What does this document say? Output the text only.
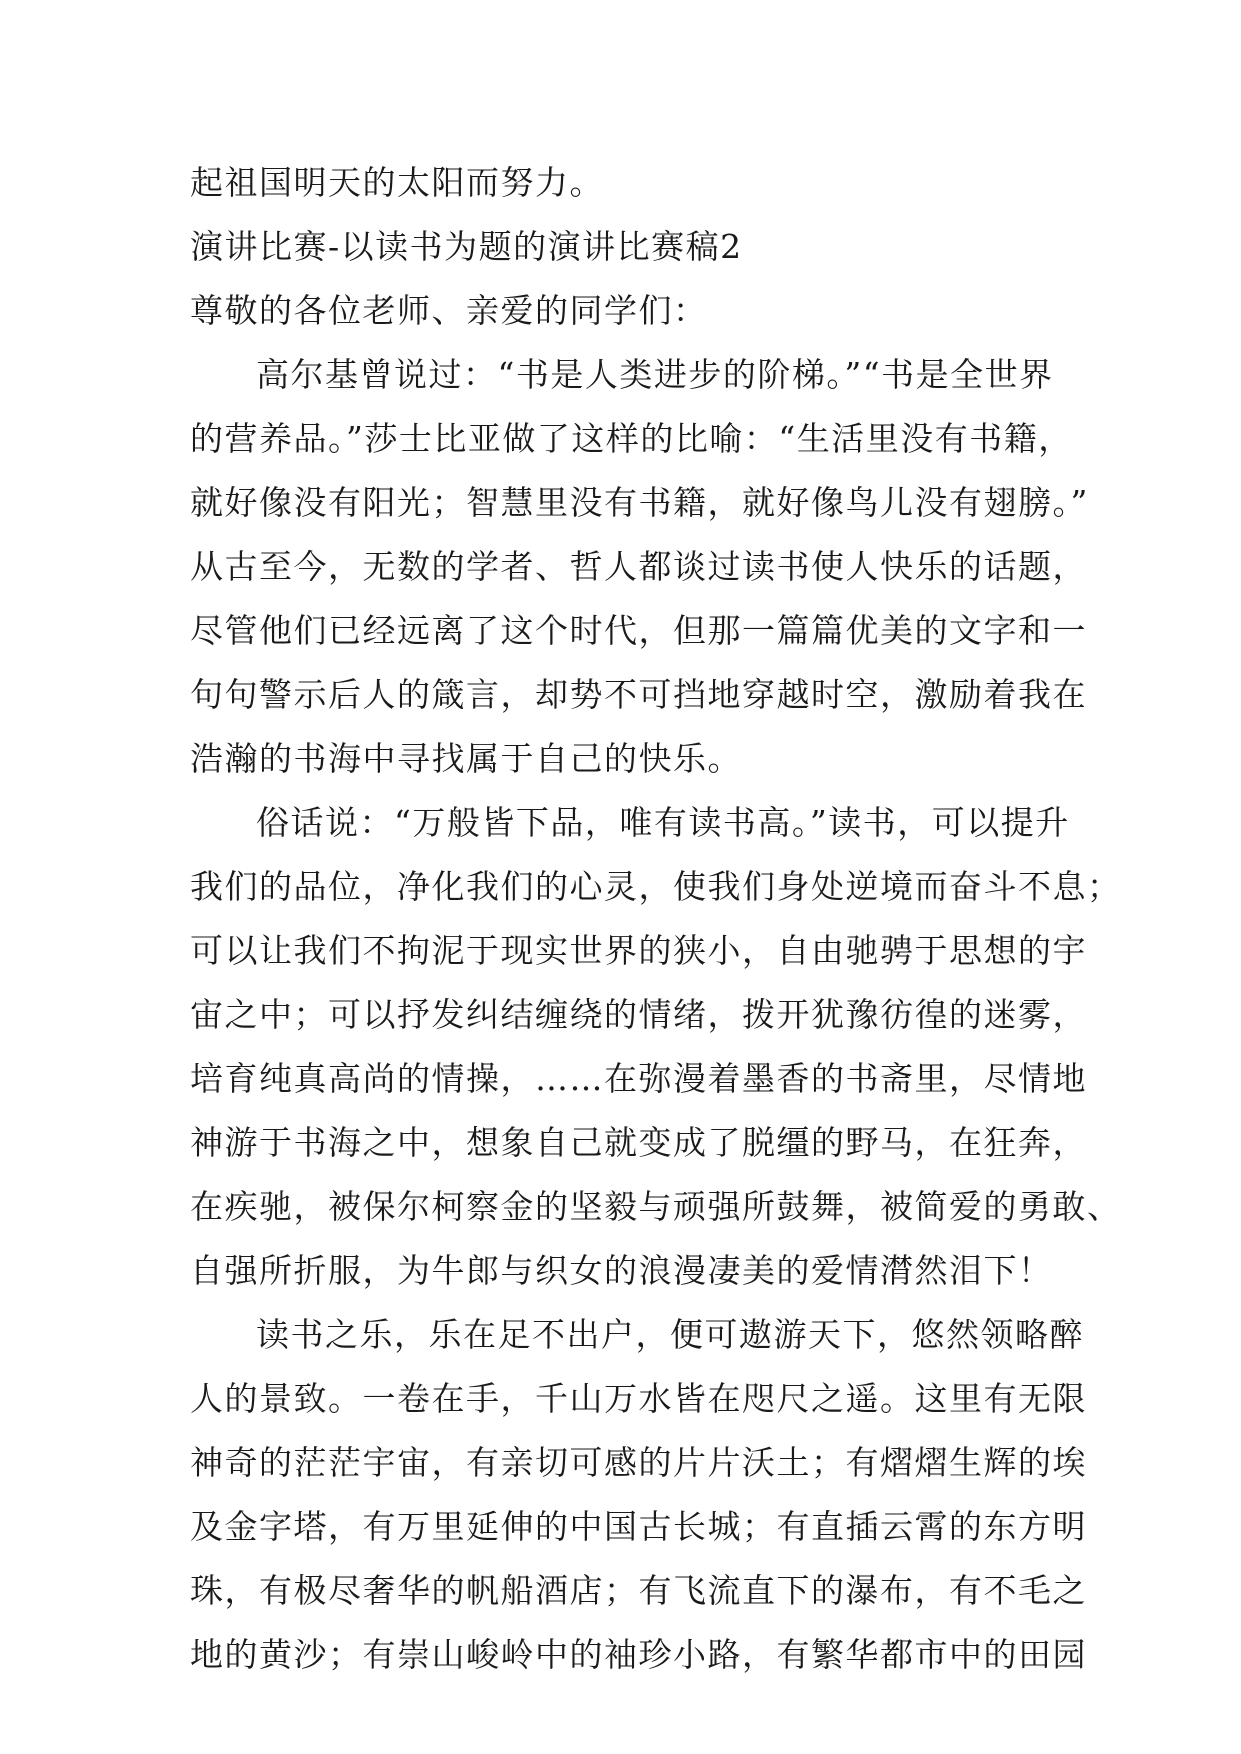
起祖国明天的太阳而努力。
演讲比赛-以读书为题的演讲比赛稿2
尊敬的各位老师、亲爱的同学们：
高尔基曾说过：“书是人类进步的阶梯。”“书是全世界
的营养品。”莎士比亚做了这样的比喻：“生活里没有书籍，
就好像没有阳光；智慧里没有书籍，就好像鸟儿没有翅膀。”
从古至今，无数的学者、哲人都谈过读书使人快乐的话题，
尽管他们已经远离了这个时代，但那一篇篇优美的文字和一
句句警示后人的箴言，却势不可挡地穿越时空，激励着我在
浩瀚的书海中寻找属于自己的快乐。
俗话说：“万般皆下品，唯有读书高。”读书，可以提升
我们的品位，净化我们的心灵，使我们身处逆境而奋斗不息；
可以让我们不拘泥于现实世界的狭小，自由驰骋于思想的宇
宙之中；可以抒发纠结缠绕的情绪，拨开犹豫彷徨的迷雾，
培育纯真高尚的情操，……在弥漫着墨香的书斋里，尽情地
神游于书海之中，想象自己就变成了脱缰的野马，在狂奔，
在疾驰，被保尔柯察金的坚毅与顽强所鼓舞，被简爱的勇敢、
自强所折服，为牛郎与织女的浪漫凄美的爱情潸然泪下！
读书之乐，乐在足不出户，便可遨游天下，悠然领略醉
人的景致。一卷在手，千山万水皆在咫尺之遥。这里有无限
神奇的茫茫宇宙，有亲切可感的片片沃土；有熠熠生辉的埃
及金字塔，有万里延伸的中国古长城；有直插云霄的东方明
珠，有极尽奢华的帆船酒店；有飞流直下的瀑布，有不毛之
地的黄沙；有崇山峻岭中的袖珍小路，有繁华都市中的田园
